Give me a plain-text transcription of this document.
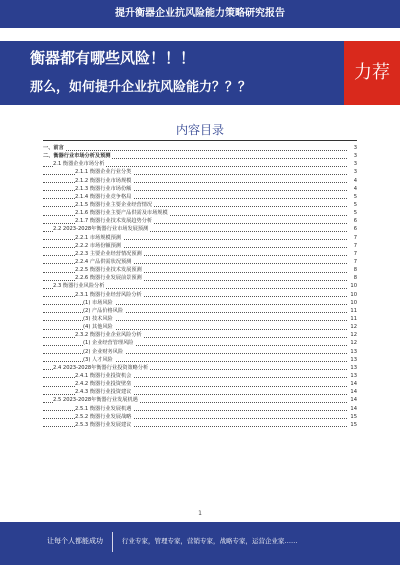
提升衡器企业抗风险能力策略研究报告
衡器都有哪些风险！！！
那么，如何提升企业抗风险能力？？？
力荐
内容目录
一、前言	3
二、衡器行业市场分析及预测	3
2.1 衡器企业市场分析	3
2.1.1 衡器企业行业分类	3
2.1.2 衡器行业市场规模	4
2.1.3 衡器行业市场份额	4
2.1.4 衡器行业竞争格局	5
2.1.5 衡器行业主要企业经营情况	5
2.1.6 衡器行业主要产品供需及市场规模	5
2.1.7 衡器行业技术发展趋势分析	6
2.2 2023-2028年衡器行业市场发展预测	6
2.2.1 市场规模预测	7
2.2.2 市场份额预测	7
2.2.3 主要企业经营情况预测	7
2.2.4 产品供需状况预测	7
2.2.5 衡器行业技术发展预测	8
2.2.6 衡器行业发展前景预测	8
2.3 衡器行业风险分析	10
2.3.1 衡器行业经营风险分析	10
(1) 市场风险	10
(2) 产品价格风险	11
(3) 技术风险	11
(4) 其他风险	12
2.3.2 衡器行业企业风险分析	12
(1) 企业经营管理风险	12
(2) 企业财务风险	13
(3) 人才风险	13
2.4 2023-2028年衡器行业投资策略分析	13
2.4.1 衡器行业投资机会	13
2.4.2 衡器行业投资壁垒	14
2.4.3 衡器行业投资建议	14
2.5 2023-2028年衡器行业发展机遇	14
2.5.1 衡器行业发展机遇	14
2.5.2 衡器行业发展战略	15
2.5.3 衡器行业发展建议	15
1
让每个人都能成功	行业专家，管理专家，营销专家，战略专家，运营企业家……
